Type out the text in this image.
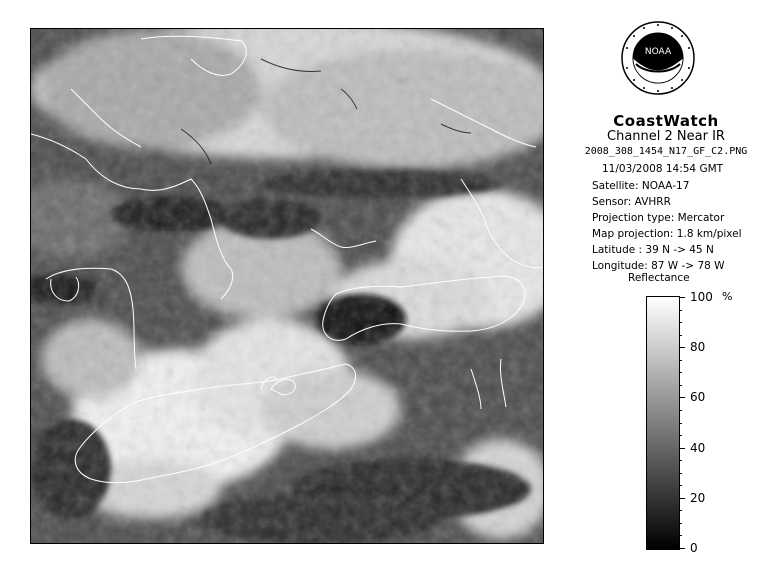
NOAA
CoastWatch
Channel 2 Near IR
2008_308_1454_N17_GF_C2.PNG
11/03/2008 14:54 GMT
Satellite: NOAA-17
Sensor: AVHRR
Projection type: Mercator
Map projection: 1.8 km/pixel
Latitude : 39 N -> 45 N
Longitude: 87 W -> 78 W
Reflectance
%
100
80
60
40
20
0
